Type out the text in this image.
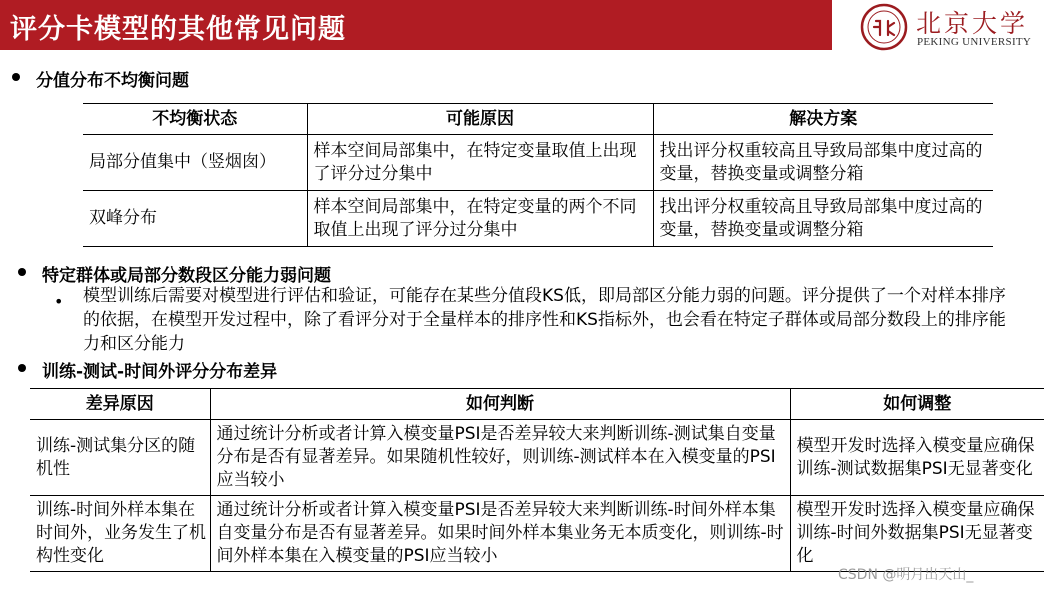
评分卡模型的其他常见问题	北京大学
PEKING UNIVERSITY
分值分布不均衡问题
不均衡状态	可能原因	解决方案
局部分值集中（竖烟囱）	样本空间局部集中，在特定变量取值上出现了评分过分集中	找出评分权重较高且导致局部集中度过高的变量，替换变量或调整分箱
双峰分布	样本空间局部集中，在特定变量的两个不同取值上出现了评分过分集中	找出评分权重较高且导致局部集中度过高的变量，替换变量或调整分箱
特定群体或局部分数段区分能力弱问题
• 模型训练后需要对模型进行评估和验证，可能存在某些分值段KS低，即局部区分能力弱的问题。评分提供了一个对样本排序的依据，在模型开发过程中，除了看评分对于全量样本的排序性和KS指标外，也会看在特定子群体或局部分数段上的排序能力和区分能力
训练-测试-时间外评分分布差异
差异原因	如何判断	如何调整
训练-测试集分区的随机性	通过统计分析或者计算入模变量PSI是否差异较大来判断训练-测试集自变量分布是否有显著差异。如果随机性较好，则训练-测试样本在入模变量的PSI应当较小	模型开发时选择入模变量应确保训练-测试数据集PSI无显著变化
训练-时间外样本集在时间外，业务发生了机构性变化	通过统计分析或者计算入模变量PSI是否差异较大来判断训练-时间外样本集自变量分布是否有显著差异。如果时间外样本集业务无本质变化，则训练-时间外样本集在入模变量的PSI应当较小	模型开发时选择入模变量应确保训练-时间外数据集PSI无显著变化
CSDN @明月出天山_
